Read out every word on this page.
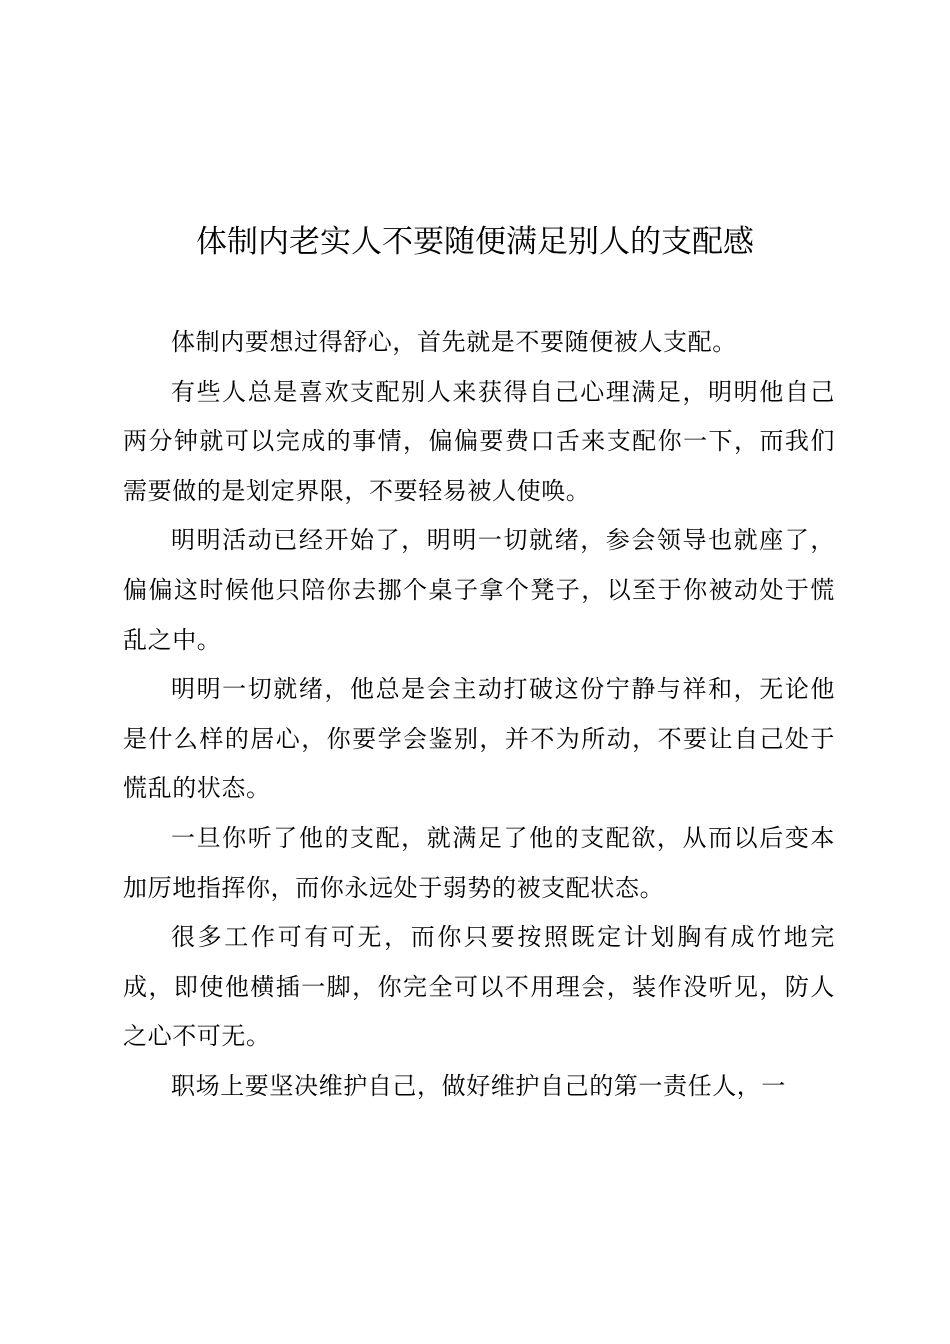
体制内老实人不要随便满足别人的支配感

体制内要想过得舒心，首先就是不要随便被人支配。

有些人总是喜欢支配别人来获得自己心理满足，明明他自己两分钟就可以完成的事情，偏偏要费口舌来支配你一下，而我们需要做的是划定界限，不要轻易被人使唤。

明明活动已经开始了，明明一切就绪，参会领导也就座了，偏偏这时候他只陪你去挪个桌子拿个凳子，以至于你被动处于慌乱之中。

明明一切就绪，他总是会主动打破这份宁静与祥和，无论他是什么样的居心，你要学会鉴别，并不为所动，不要让自己处于慌乱的状态。

一旦你听了他的支配，就满足了他的支配欲，从而以后变本加厉地指挥你，而你永远处于弱势的被支配状态。

很多工作可有可无，而你只要按照既定计划胸有成竹地完成，即使他横插一脚，你完全可以不用理会，装作没听见，防人之心不可无。

职场上要坚决维护自己，做好维护自己的第一责任人，一
